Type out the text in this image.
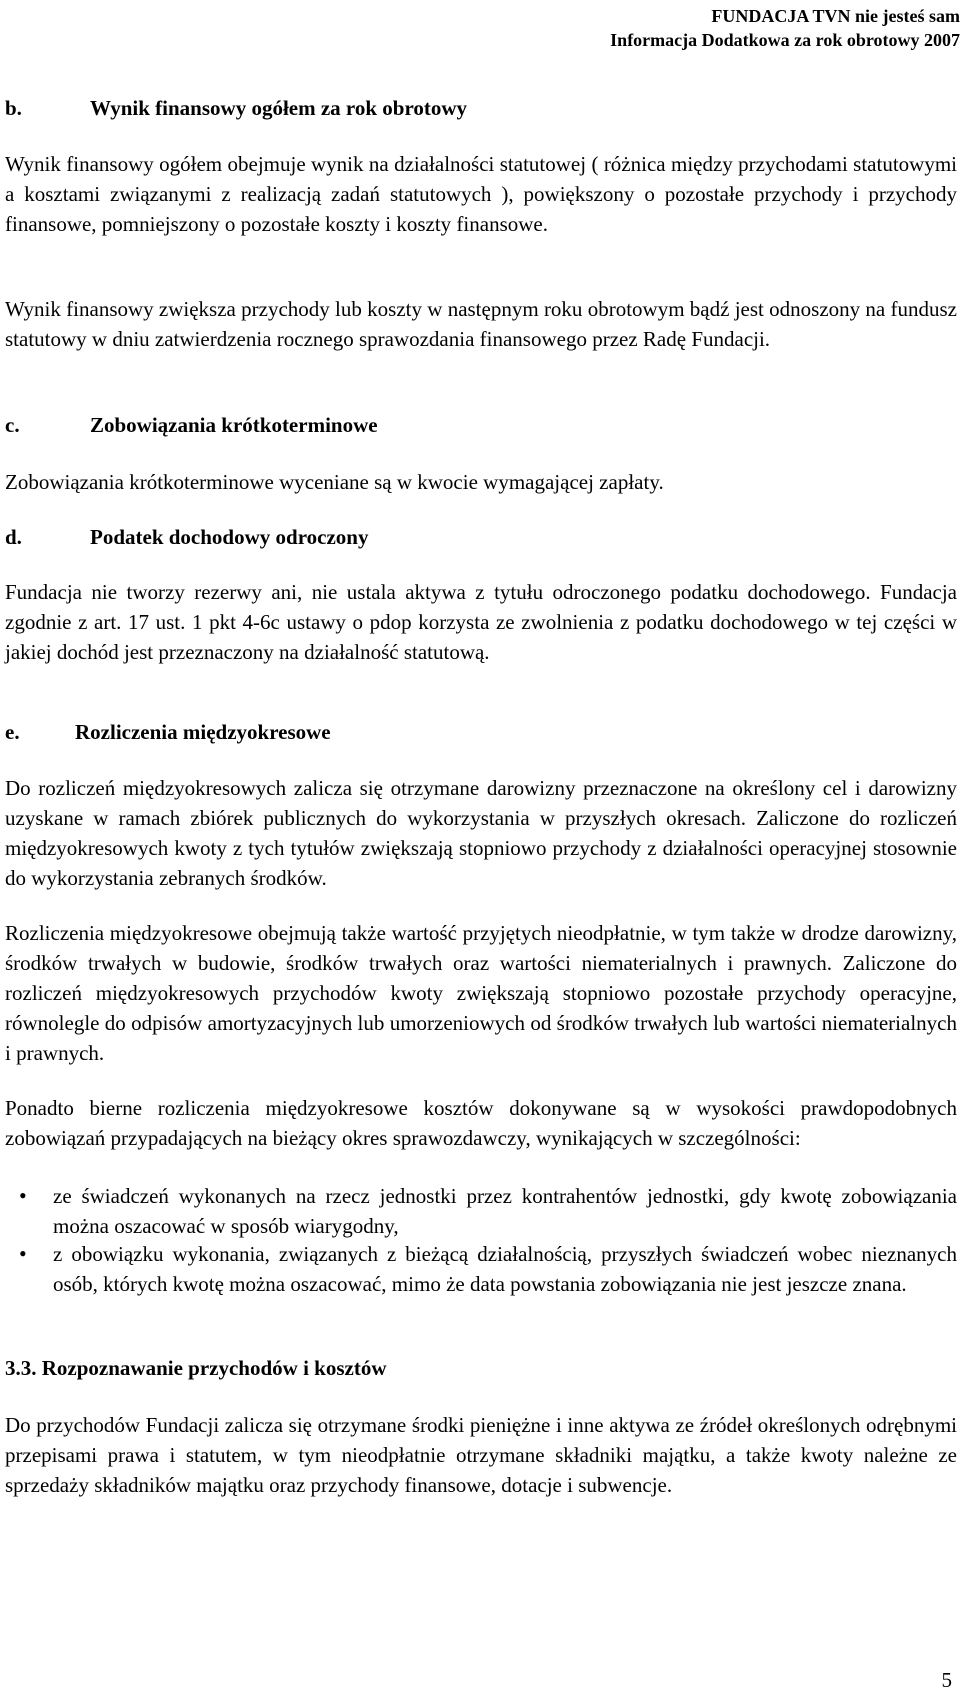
FUNDACJA TVN nie jesteś sam
Informacja Dodatkowa za rok obrotowy 2007
b.	Wynik finansowy ogółem za rok obrotowy
Wynik finansowy ogółem obejmuje wynik na działalności statutowej ( różnica między przychodami statutowymi a kosztami związanymi z realizacją zadań statutowych ), powiększony o pozostałe przychody i przychody finansowe, pomniejszony o pozostałe koszty i koszty finansowe.
Wynik finansowy zwiększa przychody lub koszty w następnym roku obrotowym bądź jest odnoszony na fundusz statutowy w dniu zatwierdzenia rocznego sprawozdania finansowego przez Radę Fundacji.
c.	Zobowiązania krótkoterminowe
Zobowiązania krótkoterminowe wyceniane są w kwocie wymagającej zapłaty.
d.	Podatek dochodowy odroczony
Fundacja nie tworzy rezerwy ani, nie ustala aktywa z tytułu odroczonego podatku dochodowego. Fundacja zgodnie z art. 17 ust. 1 pkt 4-6c ustawy o pdop korzysta ze zwolnienia z podatku dochodowego w tej części w jakiej dochód jest przeznaczony na działalność statutową.
e.	Rozliczenia międzyokresowe
Do rozliczeń międzyokresowych zalicza się otrzymane darowizny przeznaczone na określony cel i darowizny uzyskane w ramach zbiórek publicznych do wykorzystania w przyszłych okresach. Zaliczone do rozliczeń międzyokresowych kwoty z tych tytułów zwiększają stopniowo przychody z działalności operacyjnej stosownie do wykorzystania zebranych środków.
Rozliczenia międzyokresowe obejmują także wartość przyjętych nieodpłatnie, w tym także w drodze darowizny, środków trwałych w budowie, środków trwałych oraz wartości niematerialnych i prawnych. Zaliczone do rozliczeń międzyokresowych przychodów kwoty zwiększają stopniowo pozostałe przychody operacyjne, równolegle do odpisów amortyzacyjnych lub umorzeniowych od środków trwałych lub wartości niematerialnych i prawnych.
Ponadto bierne rozliczenia międzyokresowe kosztów dokonywane są w wysokości prawdopodobnych zobowiązań przypadających na bieżący okres sprawozdawczy, wynikających w szczególności:
• ze świadczeń wykonanych na rzecz jednostki przez kontrahentów jednostki, gdy kwotę zobowiązania można oszacować w sposób wiarygodny,
• z obowiązku wykonania, związanych z bieżącą działalnością, przyszłych świadczeń wobec nieznanych osób, których kwotę można oszacować, mimo że data powstania zobowiązania nie jest jeszcze znana.
3.3. Rozpoznawanie przychodów i kosztów
Do przychodów Fundacji zalicza się otrzymane środki pieniężne i inne aktywa ze źródeł określonych odrębnymi przepisami prawa i statutem, w tym nieodpłatnie otrzymane składniki majątku, a także kwoty należne ze sprzedaży składników majątku oraz przychody finansowe, dotacje i subwencje.
5
